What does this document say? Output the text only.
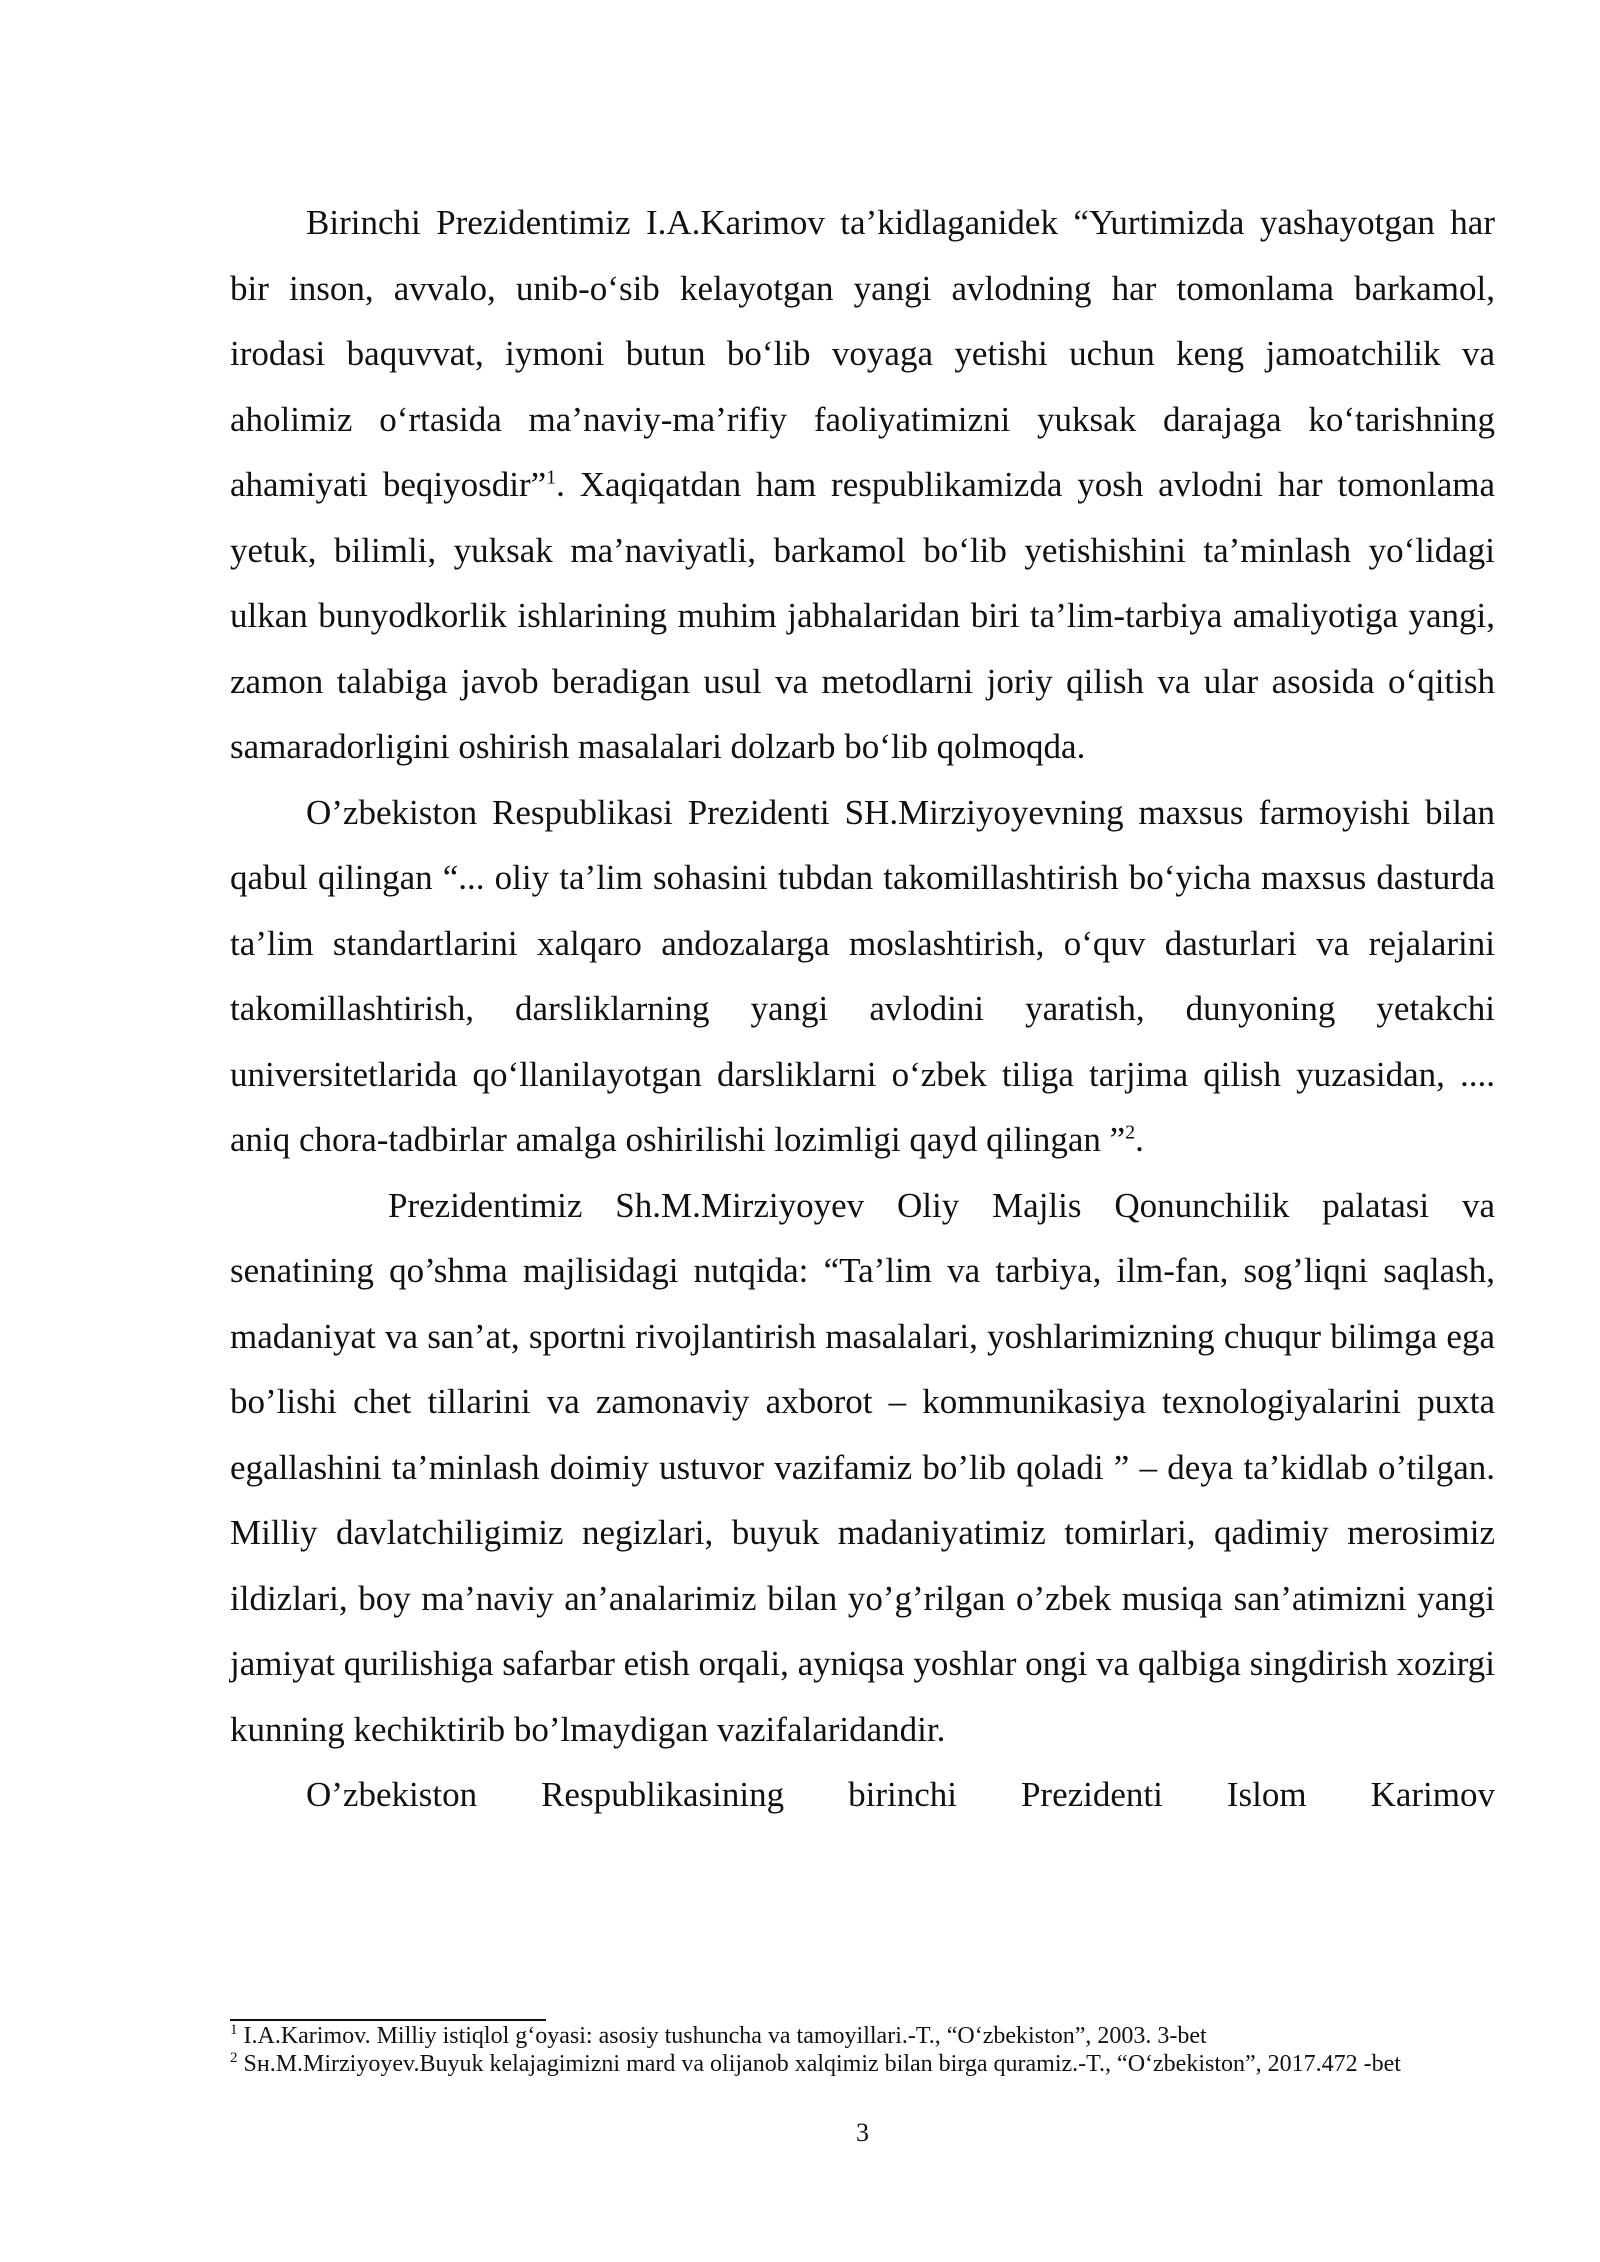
Birinchi Prezidentimiz I.A.Karimov ta’kidlaganidek “Yurtimizda yashayotgan har bir inson, avvalo, unib-o‘sib kelayotgan yangi avlodning har tomonlama barkamol, irodasi baquvvat, iymoni butun bo‘lib voyaga yetishi uchun keng jamoatchilik va aholimiz o‘rtasida ma’naviy-ma’rifiy faoliyatimizni yuksak darajaga ko‘tarishning ahamiyati beqiyosdir”$^1$. Xaqiqatdan ham respublikamizda yosh avlodni har tomonlama yetuk, bilimli, yuksak ma’naviyatli, barkamol bo‘lib yetishishini ta’minlash yo‘lidagi ulkan bunyodkorlik ishlarining muhim jabhalaridan biri ta’lim-tarbiya amaliyotiga yangi, zamon talabiga javob beradigan usul va metodlarni joriy qilish va ular asosida o‘qitish samaradorligini oshirish masalalari dolzarb bo‘lib qolmoqda.

O’zbekiston Respublikasi Prezidenti SH.Mirziyoyevning maxsus farmoyishi bilan qabul qilingan “... oliy ta’lim sohasini tubdan takomillashtirish bo‘yicha maxsus dasturda ta’lim standartlarini xalqaro andozalarga moslashtirish, o‘quv dasturlari va rejalarini takomillashtirish, darsliklarning yangi avlodini yaratish, dunyoning yetakchi universitetlarida qo‘llanilayotgan darsliklarni o‘zbek tiliga tarjima qilish yuzasidan, .... aniq chora-tadbirlar amalga oshirilishi lozimligi qayd qilingan ”$^2$.

Prezidentimiz Sh.M.Mirziyoyev Oliy Majlis Qonunchilik palatasi va senatining qo’shma majlisidagi nutqida: “Ta’lim va tarbiya, ilm-fan, sog’liqni saqlash, madaniyat va san’at, sportni rivojlantirish masalalari, yoshlarimizning chuqur bilimga ega bo’lishi chet tillarini va zamonaviy axborot – kommunikasiya texnologiyalarini puxta egallashini ta’minlash doimiy ustuvor vazifamiz bo’lib qoladi ” – deya ta’kidlab o’tilgan. Milliy davlatchiligimiz negizlari, buyuk madaniyatimiz tomirlari, qadimiy merosimiz ildizlari, boy ma’naviy an’analarimiz bilan yo’g’rilgan o’zbek musiqa san’atimizni yangi jamiyat qurilishiga safarbar etish orqali, ayniqsa yoshlar ongi va qalbiga singdirish xozirgi kunning kechiktirib bo’lmaydigan vazifalaridandir.

O’zbekiston Respublikasining birinchi Prezidenti Islom Karimov

$^1$ I.A.Karimov. Milliy istiqlol g‘oyasi: asosiy tushuncha va tamoyillari.-T., “O‘zbekiston”, 2003. 3-bet

$^2$ Sʜ.M.Mirziyoyev.Buyuk kelajagimizni mard va olijanob xalqimiz bilan birga quramiz.-T., “O‘zbekiston”, 2017.472 -bet

3
